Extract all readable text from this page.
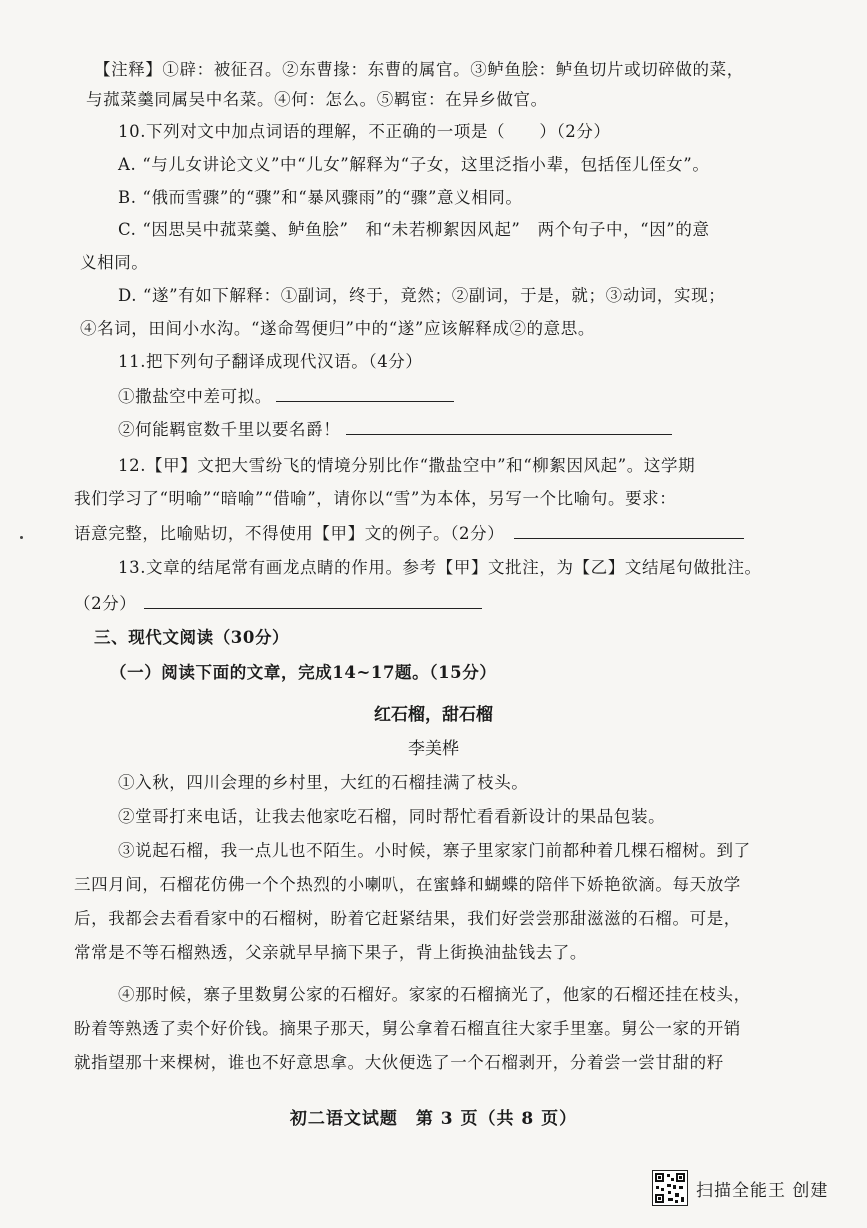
【注释】①辟：被征召。②东曹掾：东曹的属官。③鲈鱼脍：鲈鱼切片或切碎做的菜，
与菰菜羹同属吴中名菜。④何：怎么。⑤羁宦：在异乡做官。
10.下列对文中加点词语的理解，不正确的一项是（　　）（2分）
A. “与儿女讲论文义”中“儿女”解释为“子女，这里泛指小辈，包括侄儿侄女”。
B. “俄而雪骤”的“骤”和“暴风骤雨”的“骤”意义相同。
C. “因思吴中菰菜羹、鲈鱼脍”　和“未若柳絮因风起”　两个句子中，“因”的意
义相同。
D. “遂”有如下解释：①副词，终于，竟然；②副词，于是，就；③动词，实现；
④名词，田间小水沟。“遂命驾便归”中的“遂”应该解释成②的意思。
11.把下列句子翻译成现代汉语。（4分）
①撒盐空中差可拟。
②何能羁宦数千里以要名爵！
12.【甲】文把大雪纷飞的情境分别比作“撒盐空中”和“柳絮因风起”。这学期
我们学习了“明喻”“暗喻”“借喻”，请你以“雪”为本体，另写一个比喻句。要求：
语意完整，比喻贴切，不得使用【甲】文的例子。（2分）
13.文章的结尾常有画龙点睛的作用。参考【甲】文批注，为【乙】文结尾句做批注。
（2分）
三、现代文阅读（30分）
（一）阅读下面的文章，完成14~17题。（15分）
红石榴，甜石榴
李美桦
①入秋，四川会理的乡村里，大红的石榴挂满了枝头。
②堂哥打来电话，让我去他家吃石榴，同时帮忙看看新设计的果品包装。
③说起石榴，我一点儿也不陌生。小时候，寨子里家家门前都种着几棵石榴树。到了
三四月间，石榴花仿佛一个个热烈的小喇叭，在蜜蜂和蝴蝶的陪伴下娇艳欲滴。每天放学
后，我都会去看看家中的石榴树，盼着它赶紧结果，我们好尝尝那甜滋滋的石榴。可是，
常常是不等石榴熟透，父亲就早早摘下果子，背上街换油盐钱去了。
④那时候，寨子里数舅公家的石榴好。家家的石榴摘光了，他家的石榴还挂在枝头，
盼着等熟透了卖个好价钱。摘果子那天，舅公拿着石榴直往大家手里塞。舅公一家的开销
就指望那十来棵树，谁也不好意思拿。大伙便选了一个石榴剥开，分着尝一尝甘甜的籽
初二语文试题　第 3 页（共 8 页）
扫描全能王 创建
